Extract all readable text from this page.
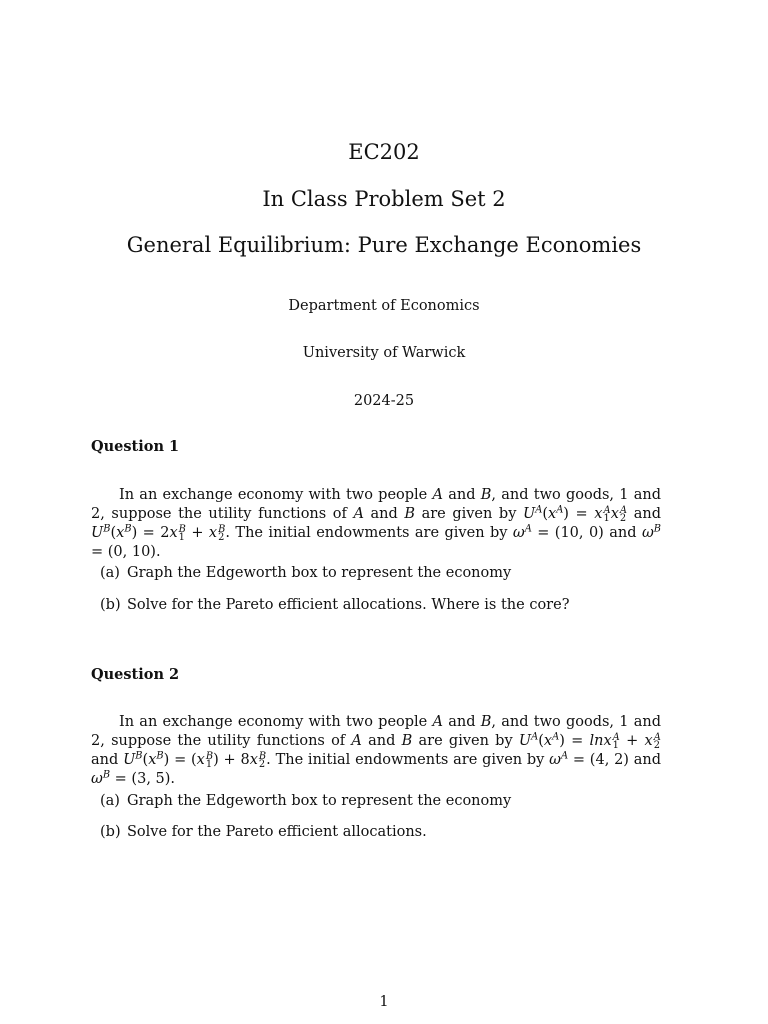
EC202
In Class Problem Set 2
General Equilibrium: Pure Exchange Economies
Department of Economics
University of Warwick
2024-25
Question 1
In an exchange economy with two people A and B, and two goods, 1 and 2, suppose the utility functions of A and B are given by $U^A(x^A) = x$ A
1 x A
2 and $U^B(x^B) = 2x$ B
1 + x B
2 . The initial endowments are given by $\omega^A = (10$, 0) and $\omega^B = (0$, 10).
(a) Graph the Edgeworth box to represent the economy
(b) Solve for the Pareto efficient allocations. Where is the core?
Question 2
In an exchange economy with two people A and B, and two goods, 1 and 2, suppose the utility functions of A and B are given by $U^A(x^A) = \ln x$ A
1 + x A
2
and $U^B(x^B) = (x$ B
1 ) + 8x B
2 . The initial endowments are given by $\omega^A = (4$, 2) and $\omega^B = (3$, 5).
(a) Graph the Edgeworth box to represent the economy
(b) Solve for the Pareto efficient allocations.
1
